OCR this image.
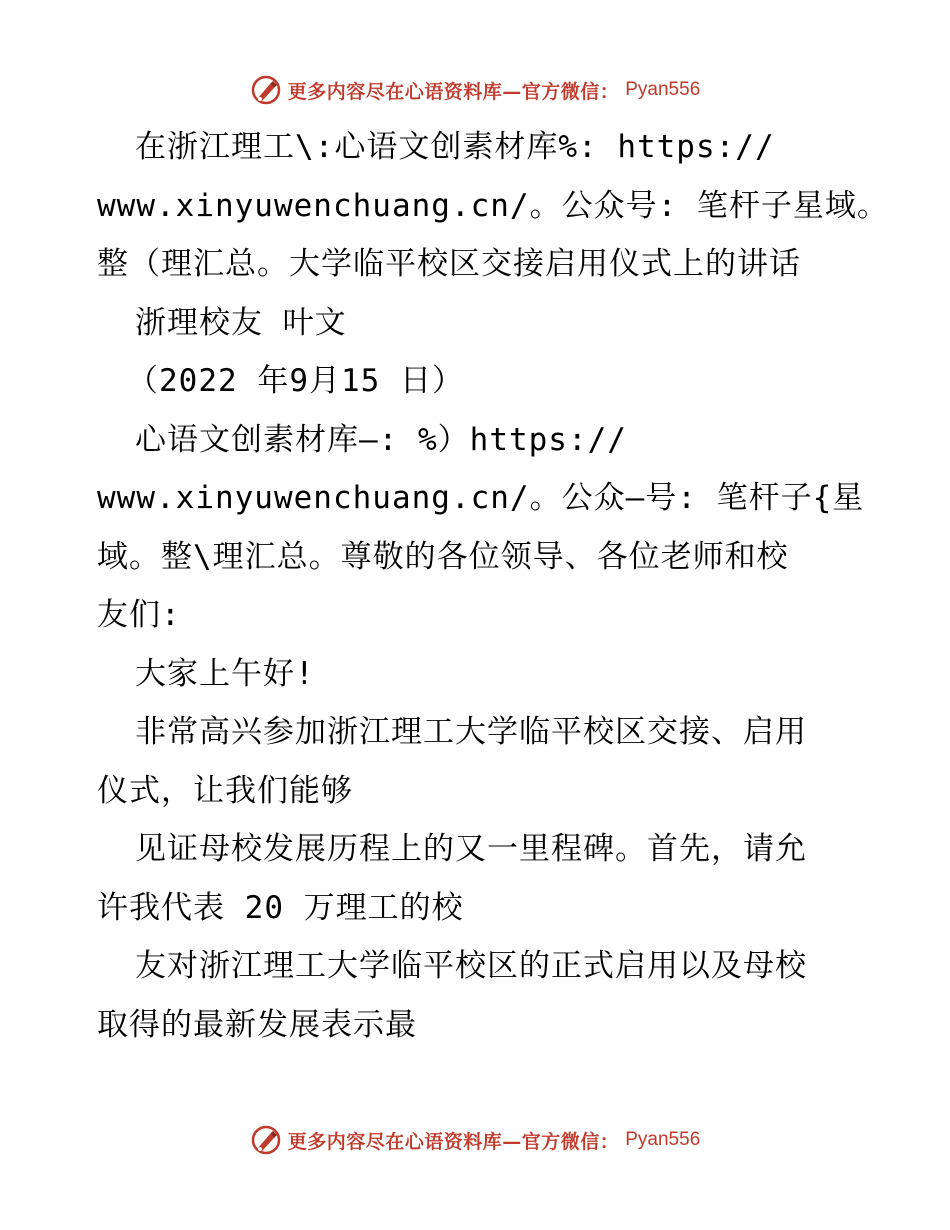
更多内容尽在心语资料库—官方微信： Pyan556
在浙江理工\:心语文创素材库%: https://
www.xinyuwenchuang.cn/。公众号: 笔杆子星域。
整（理汇总。大学临平校区交接启用仪式上的讲话
浙理校友 叶文
（2022 年9月15 日）
心语文创素材库—: %）https://
www.xinyuwenchuang.cn/。公众—号: 笔杆子{星
域。整\理汇总。尊敬的各位领导、各位老师和校
友们:
大家上午好!
非常高兴参加浙江理工大学临平校区交接、启用
仪式，让我们能够
见证母校发展历程上的又一里程碑。首先，请允
许我代表 20 万理工的校
友对浙江理工大学临平校区的正式启用以及母校
取得的最新发展表示最
更多内容尽在心语资料库—官方微信： Pyan556
